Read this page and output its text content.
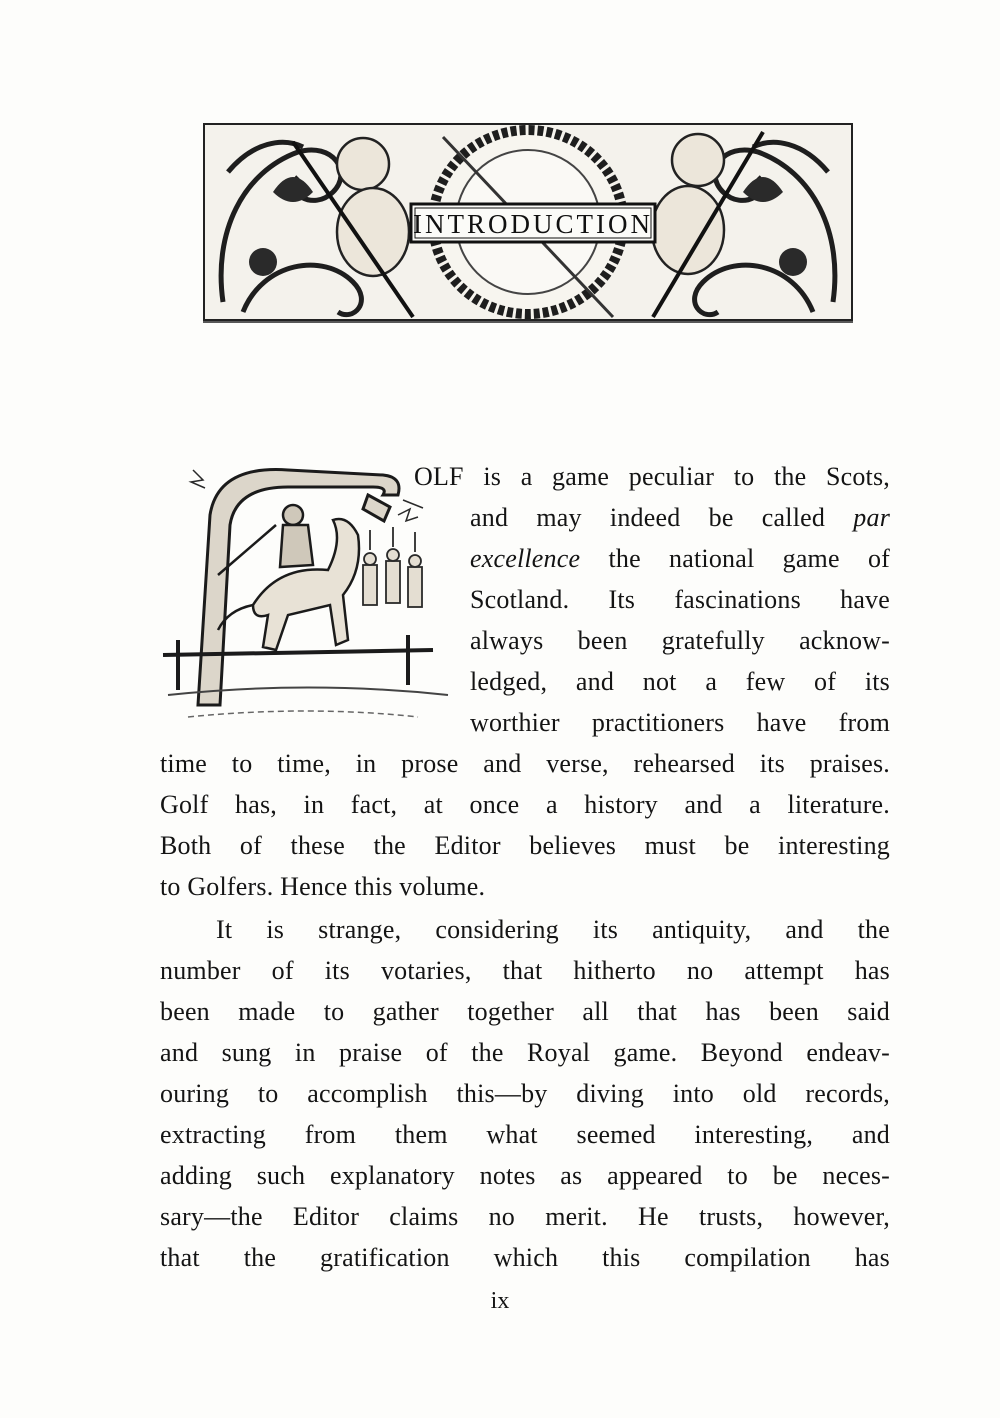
INTRODUCTION
OLF is a game peculiar to the Scots,
and may indeed be called par
excellence the national game of
Scotland. Its fascinations have
always been gratefully acknow-
ledged, and not a few of its
worthier practitioners have from
time to time, in prose and verse, rehearsed its praises.
Golf has, in fact, at once a history and a literature.
Both of these the Editor believes must be interesting
to Golfers. Hence this volume.
It is strange, considering its antiquity, and the
number of its votaries, that hitherto no attempt has
been made to gather together all that has been said
and sung in praise of the Royal game. Beyond endeav-
ouring to accomplish this—by diving into old records,
extracting from them what seemed interesting, and
adding such explanatory notes as appeared to be neces-
sary—the Editor claims no merit. He trusts, however,
that the gratification which this compilation has
ix
